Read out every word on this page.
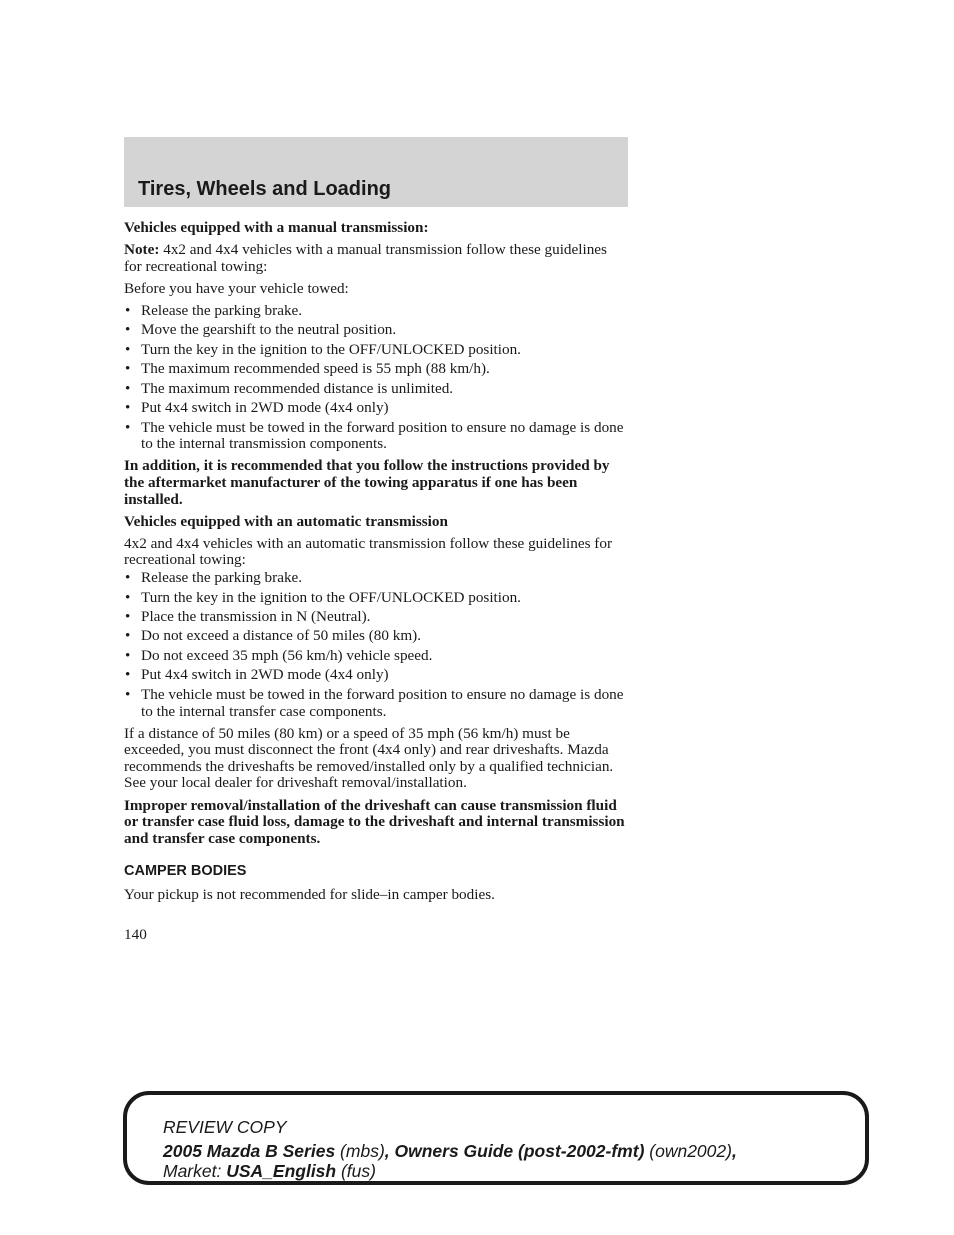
Tires, Wheels and Loading

Vehicles equipped with a manual transmission:

Note: 4x2 and 4x4 vehicles with a manual transmission follow these guidelines for recreational towing:

Before you have your vehicle towed:

• Release the parking brake.
• Move the gearshift to the neutral position.
• Turn the key in the ignition to the OFF/UNLOCKED position.
• The maximum recommended speed is 55 mph (88 km/h).
• The maximum recommended distance is unlimited.
• Put 4x4 switch in 2WD mode (4x4 only)
• The vehicle must be towed in the forward position to ensure no damage is done to the internal transmission components.

In addition, it is recommended that you follow the instructions provided by the aftermarket manufacturer of the towing apparatus if one has been installed.

Vehicles equipped with an automatic transmission

4x2 and 4x4 vehicles with an automatic transmission follow these guidelines for recreational towing:

• Release the parking brake.
• Turn the key in the ignition to the OFF/UNLOCKED position.
• Place the transmission in N (Neutral).
• Do not exceed a distance of 50 miles (80 km).
• Do not exceed 35 mph (56 km/h) vehicle speed.
• Put 4x4 switch in 2WD mode (4x4 only)
• The vehicle must be towed in the forward position to ensure no damage is done to the internal transfer case components.

If a distance of 50 miles (80 km) or a speed of 35 mph (56 km/h) must be exceeded, you must disconnect the front (4x4 only) and rear driveshafts. Mazda recommends the driveshafts be removed/installed only by a qualified technician. See your local dealer for driveshaft removal/installation.

Improper removal/installation of the driveshaft can cause transmission fluid or transfer case fluid loss, damage to the driveshaft and internal transmission and transfer case components.

CAMPER BODIES

Your pickup is not recommended for slide–in camper bodies.

140
REVIEW COPY
2005 Mazda B Series (mbs), Owners Guide (post-2002-fmt) (own2002),
Market: USA_English (fus)
